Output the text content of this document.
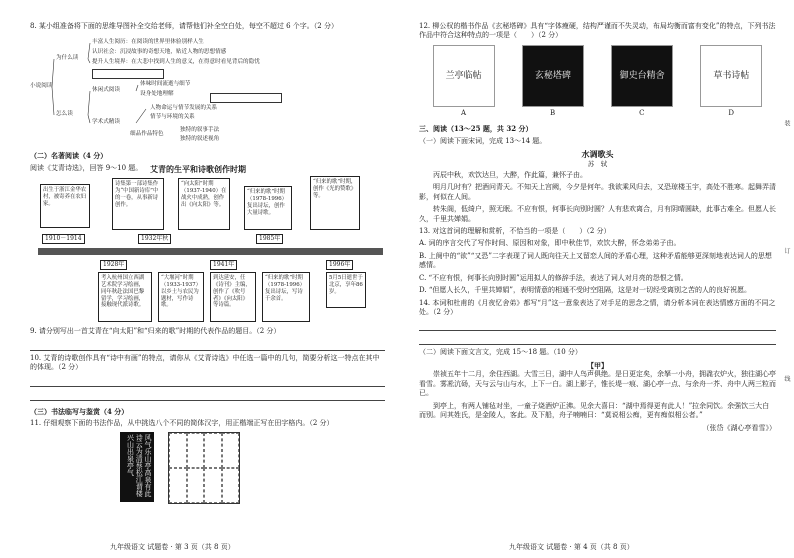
8. 某小组准备将下面的思维导图补全交给老师，请帮他们补全空白处，每空不超过 6 个字。（2 分）

小说阅读
为什么读
怎么读
丰富人生阅历：在阅读的世界里体验别样人生
认识社会：沉浸故事的奇想天地，贴近人物的思想情感
提升人生境界：在大悲中找到人生的意义，在得意时看见背后的隐忧
休闲式阅读
体味时间流逝与细节
设身处地理解
学术式精读
人物命运与情节发展的关系
情节与环境的关系
细品作品特色
独特的叙事手法
独特的叙述视角

（二）名著阅读（4 分）

阅读《艾青诗选》，回答 9～10 题。 艾青的生平和诗歌创作时期
出生于浙江金华农村，被寄养在农妇家。
诗集第一部诗集作为“中国新诗库”中的一卷，从事新诗创作。
“向太阳”时期（1937-1940）在战火中成熟，创作出《向太阳》等。
“归来的歌”时期（1978-1996）复出诗坛，创作大量诗歌。
“归来的歌”时期，创作《光的赞歌》等。
1910－1914	1932年秋	1985年
1928年	1941年	1996年
考入杭州国立西湖艺术院学习绘画，同年秋赴法国巴黎留学，学习绘画，接触现代派诗歌。
“大堰河”时期（1933-1937）以乡土与农民为题材，写作诗歌。
到达延安，任《诗刊》主编，创作了《吹号者》《向太阳》等诗篇。
“归来的歌”时期（1978-1996）复出诗坛，写诗千余首。
5月5日逝世于北京，享年86岁。

9. 请分别写出一首艾青在“向太阳”和“归来的歌”时期的代表作品的题目。（2 分）

10. 艾青的诗歌创作具有“诗中有画”的特点，请你从《艾青诗选》中任选一篇中的几句，简要分析这一特点在其中的体现。（2 分）

（三）书法临写与鉴赏（4 分）

11. 仔细观察下面的书法作品，从中挑选八个不同的简体汉字，用正楷端正写在田字格内。（2 分）

风气乐山亭高泉有此诗云为清蔡松江谓楼兴山出泉亭气
九年级语文 试题卷 · 第 3 页（共 8 页）

12. 柳公权的楷书作品《玄秘塔碑》具有“字体瘦硬，结构严谨而不失灵动，布局均衡而富有变化”的特点，下列书法作品中符合这种特点的一项是（　　）（2 分）

兰亭临帖	玄秘塔碑	御史台精舍	草书诗帖
A	B	C	D

三、阅读（13～25 题，共 32 分）

（一）阅读下面宋词，完成 13～14 题。

水调歌头
苏　轼

丙辰中秋，欢饮达旦，大醉，作此篇，兼怀子由。

明月几时有？把酒问青天。不知天上宫阙，今夕是何年。我欲乘风归去，又恐琼楼玉宇，高处不胜寒。起舞弄清影，何似在人间。

转朱阁，低绮户，照无眠。不应有恨，何事长向别时圆？人有悲欢离合，月有阴晴圆缺，此事古难全。但愿人长久，千里共婵娟。

13. 对这首词的理解和赏析，不恰当的一项是（　　）（2 分）

A. 词的序言交代了写作时间、原因和对象，即中秋佳节，欢饮大醉，怀念弟弟子由。

B. 上阕中的“欲”“又恐”二字表现了词人既向往天上又留恋人间的矛盾心理，这种矛盾能够更深刻地表达词人的思想感情。

C. “不应有恨，何事长向别时圆”运用拟人的修辞手法，表达了词人对月亮的怨恨之情。

D. “但愿人长久，千里共婵娟”，表明情意的相通不受时空阻隔，这是对一切经受离别之苦的人的良好祝愿。

14. 本词和杜甫的《月夜忆舍弟》都写“月”这一意象表达了对手足的思念之情，请分析本词在表达情感方面的不同之处。（2 分）

（二）阅读下面文言文，完成 15～18 题。（10 分）

【甲】

崇祯五年十二月，余住西湖。大雪三日，湖中人鸟声俱绝。是日更定矣，余拏一小舟，拥毳衣炉火，独往湖心亭看雪。雾凇沆砀，天与云与山与水，上下一白。湖上影子，惟长堤一痕、湖心亭一点、与余舟一芥、舟中人两三粒而已。

到亭上，有两人铺毡对坐，一童子烧酒炉正沸。见余大喜曰：“湖中焉得更有此人！”拉余同饮。余强饮三大白而别。问其姓氏，是金陵人，客此。及下船，舟子喃喃曰：“莫说相公痴，更有痴似相公者。”

（张岱《湖心亭看雪》）

九年级语文 试题卷 · 第 4 页（共 8 页）
装 订 线
